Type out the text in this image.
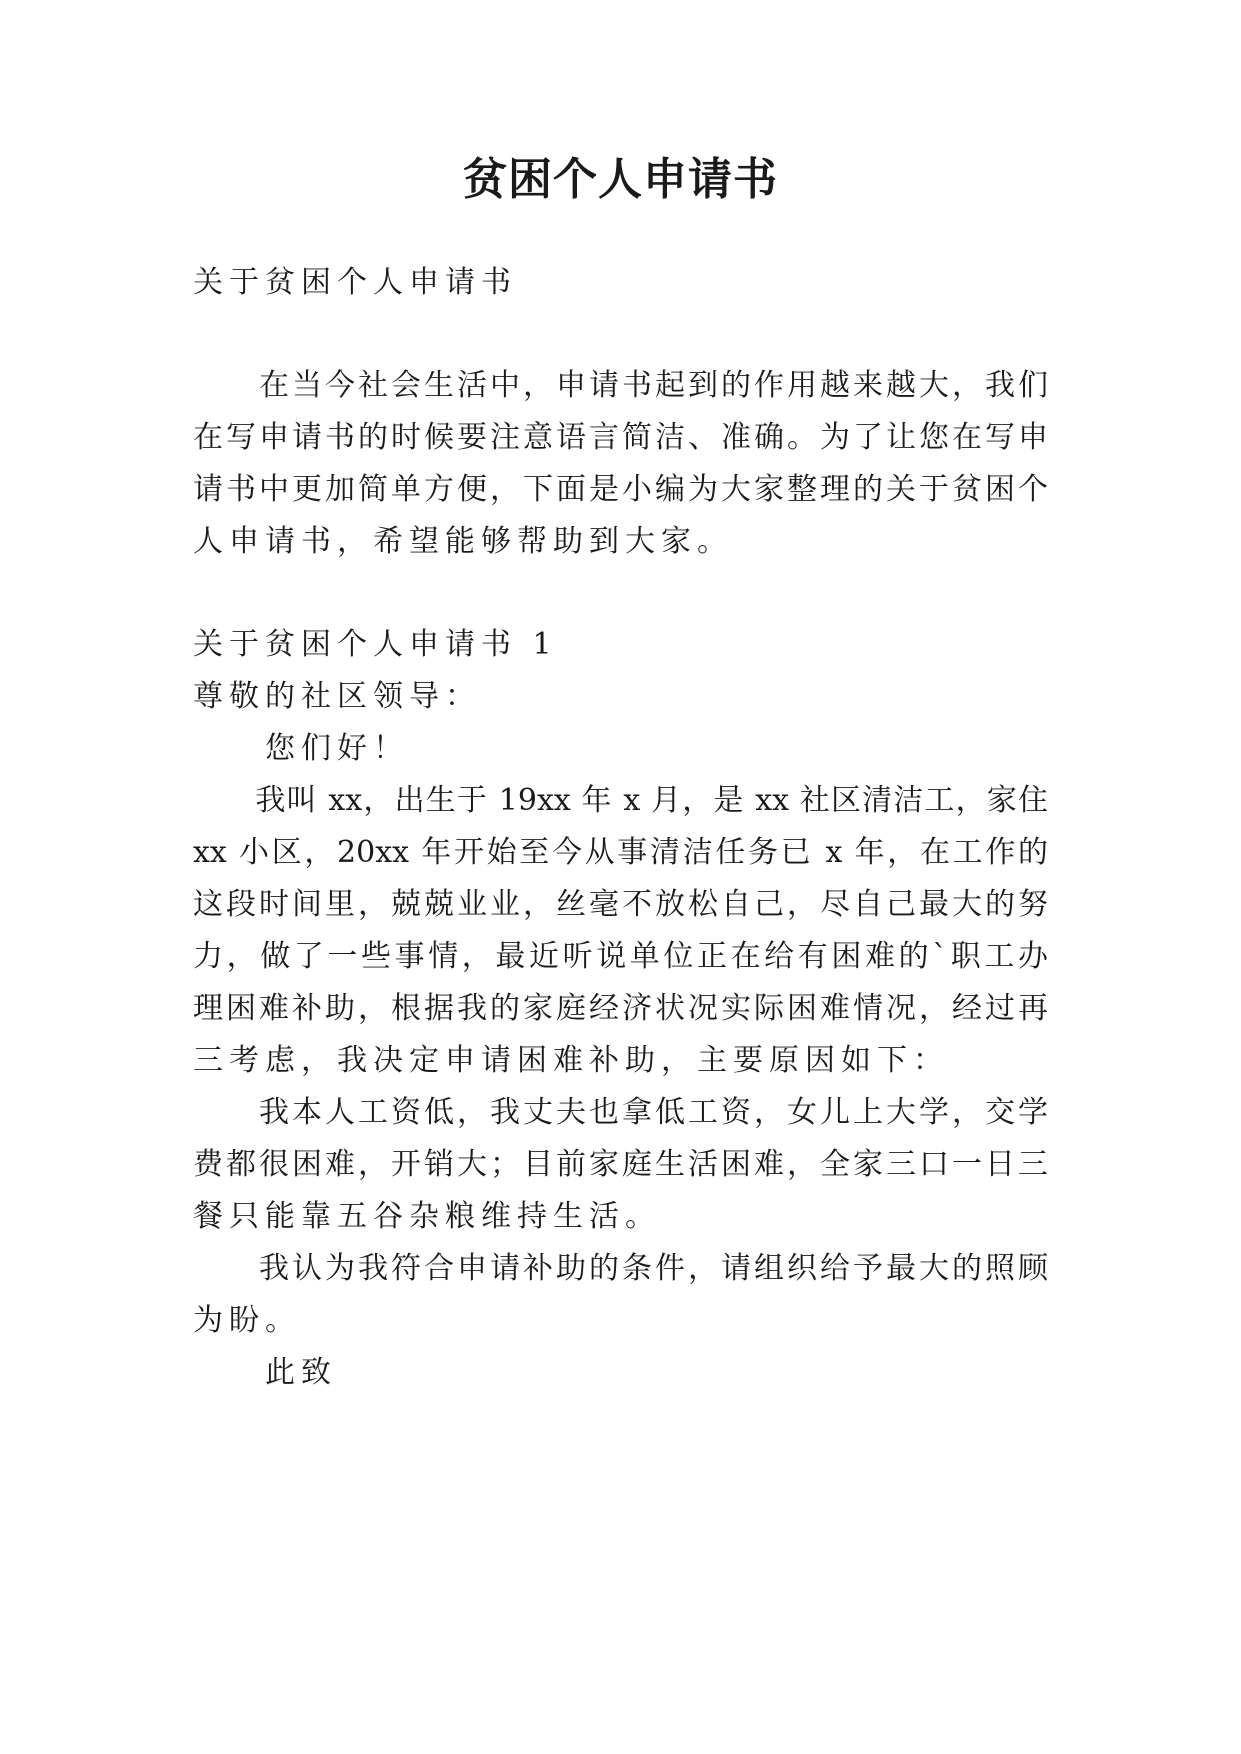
贫困个人申请书

关于贫困个人申请书

　　在当今社会生活中，申请书起到的作用越来越大，我们

在写申请书的时候要注意语言简洁、准确。为了让您在写申

请书中更加简单方便，下面是小编为大家整理的关于贫困个

人申请书，希望能够帮助到大家。

关于贫困个人申请书 1

尊敬的社区领导：

　　您们好！

　　我叫 xx，出生于 19xx 年 x 月，是 xx 社区清洁工，家住

xx 小区，20xx 年开始至今从事清洁任务已 x 年，在工作的

这段时间里，兢兢业业，丝毫不放松自己，尽自己最大的努

力，做了一些事情，最近听说单位正在给有困难的`职工办

理困难补助，根据我的家庭经济状况实际困难情况，经过再

三考虑，我决定申请困难补助，主要原因如下：

　　我本人工资低，我丈夫也拿低工资，女儿上大学，交学

费都很困难，开销大；目前家庭生活困难，全家三口一日三

餐只能靠五谷杂粮维持生活。

　　我认为我符合申请补助的条件，请组织给予最大的照顾

为盼。

　　此致
